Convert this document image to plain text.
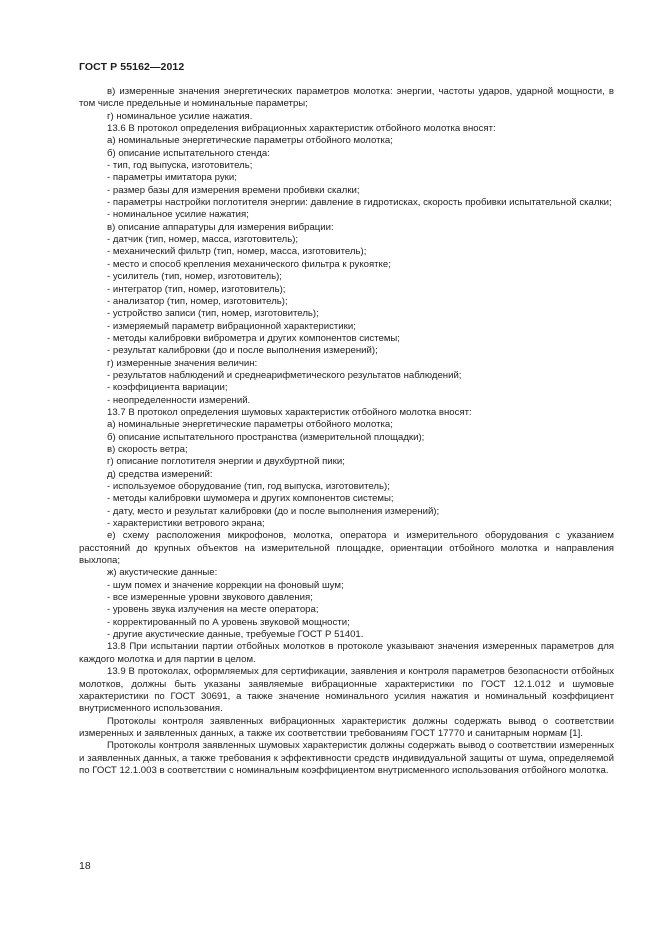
ГОСТ Р 55162—2012

в) измеренные значения энергетических параметров молотка: энергии, частоты ударов, ударной мощности, в том числе предельные и номинальные параметры;

г) номинальное усилие нажатия.

13.6 В протокол определения вибрационных характеристик отбойного молотка вносят:

а) номинальные энергетические параметры отбойного молотка;

б) описание испытательного стенда:

- тип, год выпуска, изготовитель;

- параметры имитатора руки;

- размер базы для измерения времени пробивки скалки;

- параметры настройки поглотителя энергии: давление в гидротисках, скорость пробивки испытательной скалки;

- номинальное усилие нажатия;

в) описание аппаратуры для измерения вибрации:

- датчик (тип, номер, масса, изготовитель);

- механический фильтр (тип, номер, масса, изготовитель);

- место и способ крепления механического фильтра к рукоятке;

- усилитель (тип, номер, изготовитель);

- интегратор (тип, номер, изготовитель);

- анализатор (тип, номер, изготовитель);

- устройство записи (тип, номер, изготовитель);

- измеряемый параметр вибрационной характеристики;

- методы калибровки виброметра и других компонентов системы;

- результат калибровки (до и после выполнения измерений);

г) измеренные значения величин:

- результатов наблюдений и среднеарифметического результатов наблюдений;

- коэффициента вариации;

- неопределенности измерений.

13.7 В протокол определения шумовых характеристик отбойного молотка вносят:

а) номинальные энергетические параметры отбойного молотка;

б) описание испытательного пространства (измерительной площадки);

в) скорость ветра;

г) описание поглотителя энергии и двухбуртной пики;

д) средства измерений:

- используемое оборудование (тип, год выпуска, изготовитель);

- методы калибровки шумомера и других компонентов системы;

- дату, место и результат калибровки (до и после выполнения измерений);

- характеристики ветрового экрана;

е) схему расположения микрофонов, молотка, оператора и измерительного оборудования с указанием расстояний до крупных объектов на измерительной площадке, ориентации отбойного молотка и направления выхлопа;

ж) акустические данные:

- шум помех и значение коррекции на фоновый шум;

- все измеренные уровни звукового давления;

- уровень звука излучения на месте оператора;

- корректированный по А уровень звуковой мощности;

- другие акустические данные, требуемые ГОСТ Р 51401.

13.8 При испытании партии отбойных молотков в протоколе указывают значения измеренных параметров для каждого молотка и для партии в целом.

13.9 В протоколах, оформляемых для сертификации, заявления и контроля параметров безопасности отбойных молотков, должны быть указаны заявляемые вибрационные характеристики по ГОСТ 12.1.012 и шумовые характеристики по ГОСТ 30691, а также значение номинального усилия нажатия и номинальный коэффициент внутрисменного использования.

Протоколы контроля заявленных вибрационных характеристик должны содержать вывод о соответствии измеренных и заявленных данных, а также их соответствии требованиям ГОСТ 17770 и санитарным нормам [1].

Протоколы контроля заявленных шумовых характеристик должны содержать вывод о соответствии измеренных и заявленных данных, а также требования к эффективности средств индивидуальной защиты от шума, определяемой по ГОСТ 12.1.003 в соответствии с номинальным коэффициентом внутрисменного использования отбойного молотка.

18
